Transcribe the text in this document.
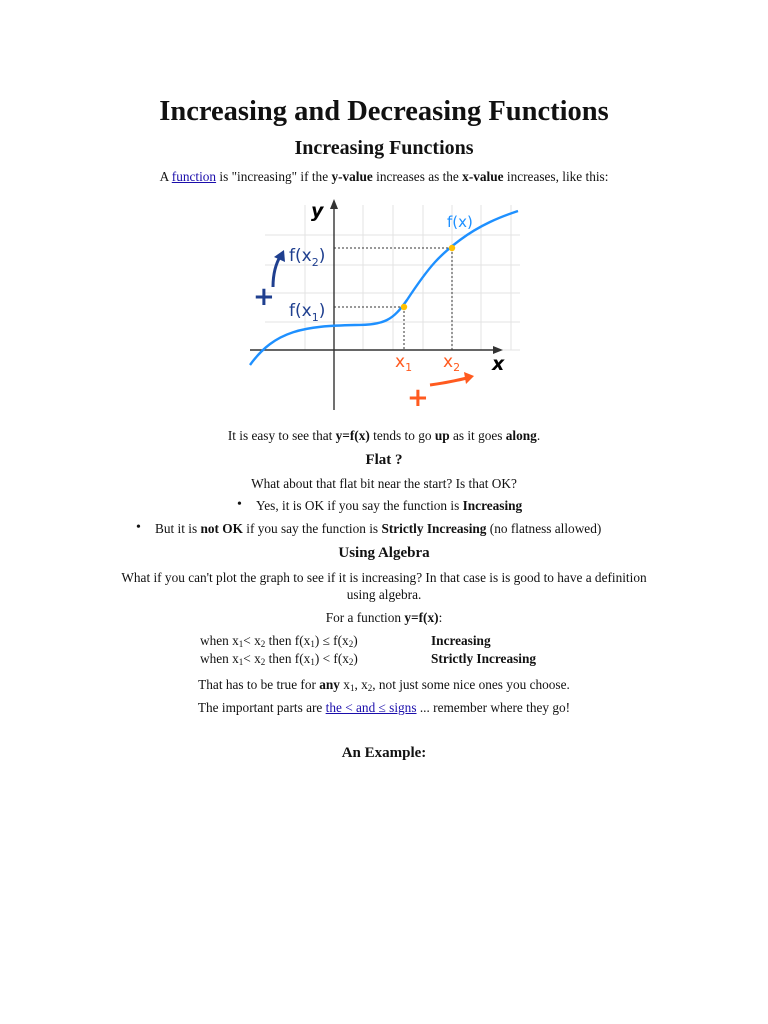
Increasing and Decreasing Functions
Increasing Functions
A function is "increasing" if the y-value increases as the x-value increases, like this:
y
x
f(x)
$f(x_2)$
$f(x_1)$
+
$x_1$ $x_2$
+
It is easy to see that y=f(x) tends to go up as it goes along.
Flat ?
What about that flat bit near the start? Is that OK?
• Yes, it is OK if you say the function is Increasing
• But it is not OK if you say the function is Strictly Increasing (no flatness allowed)
Using Algebra
What if you can't plot the graph to see if it is increasing? In that case is is good to have a definition using algebra.
For a function y=f(x):
when $x_1< x_2$ then $f(x_1) \le f(x_2)$	Increasing
when $x_1< x_2$ then $f(x_1) < f(x_2)$	Strictly Increasing
That has to be true for any $x_1$, $x_2$, not just some nice ones you choose.
The important parts are the < and ≤ signs ... remember where they go!
An Example:
